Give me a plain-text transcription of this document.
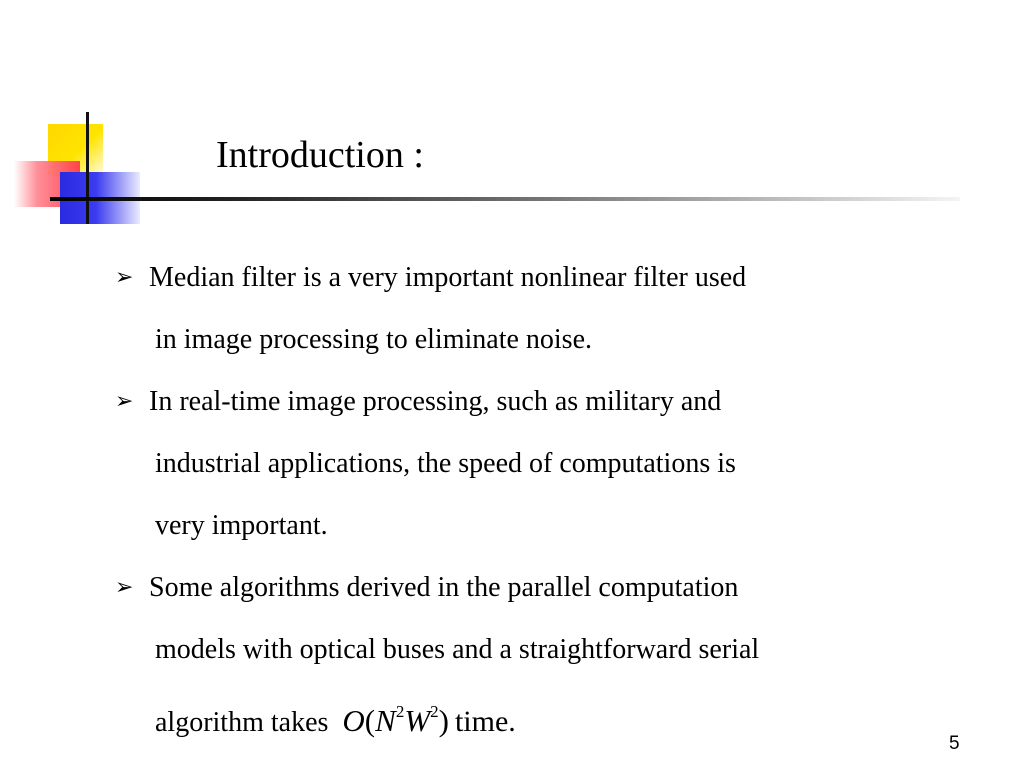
Introduction :
➢ Median filter is a very important nonlinear filter used
in image processing to eliminate noise.
➢ In real-time image processing, such as military and
industrial applications, the speed of computations is
very important.
➢ Some algorithms derived in the parallel computation
models with optical buses and a straightforward serial
algorithm takes $O(N^2W^2)$ time.
5
